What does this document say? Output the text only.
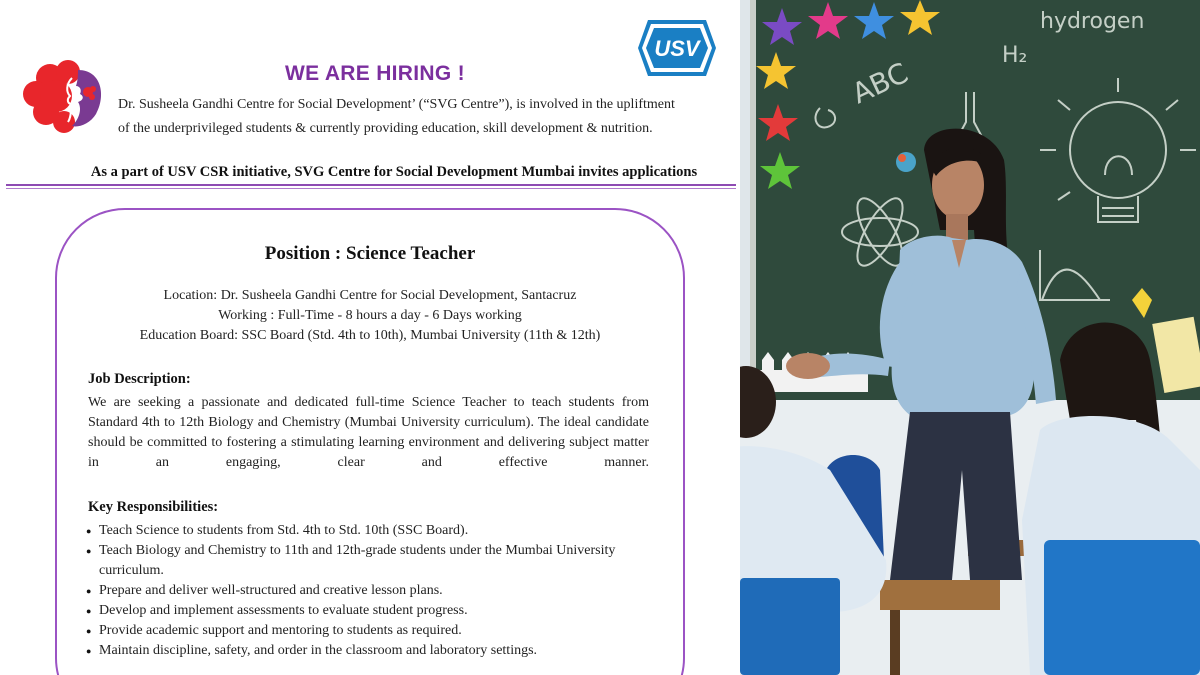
WE ARE HIRING !
USV
Dr. Susheela Gandhi Centre for Social Development’ (“SVG Centre”), is involved in the upliftment
of the underprivileged students & currently providing education, skill development & nutrition.
As a part of USV CSR initiative, SVG Centre for Social Development Mumbai invites applications
Position : Science Teacher
Location: Dr. Susheela Gandhi Centre for Social Development, Santacruz
Working : Full-Time - 8 hours a day - 6 Days working
Education Board: SSC Board (Std. 4th to 10th), Mumbai University (11th & 12th)
Job Description:
We are seeking a passionate and dedicated full-time Science Teacher to teach students from Standard 4th to 12th Biology and Chemistry (Mumbai University curriculum). The ideal candidate should be committed to fostering a stimulating learning environment and delivering subject matter in an engaging, clear and effective manner.
Key Responsibilities:
● Teach Science to students from Std. 4th to Std. 10th (SSC Board).
● Teach Biology and Chemistry to 11th and 12th-grade students under the Mumbai University curriculum.
● Prepare and deliver well-structured and creative lesson plans.
● Develop and implement assessments to evaluate student progress.
● Provide academic support and mentoring to students as required.
● Maintain discipline, safety, and order in the classroom and laboratory settings.
hydrogen
H₂
ABC
